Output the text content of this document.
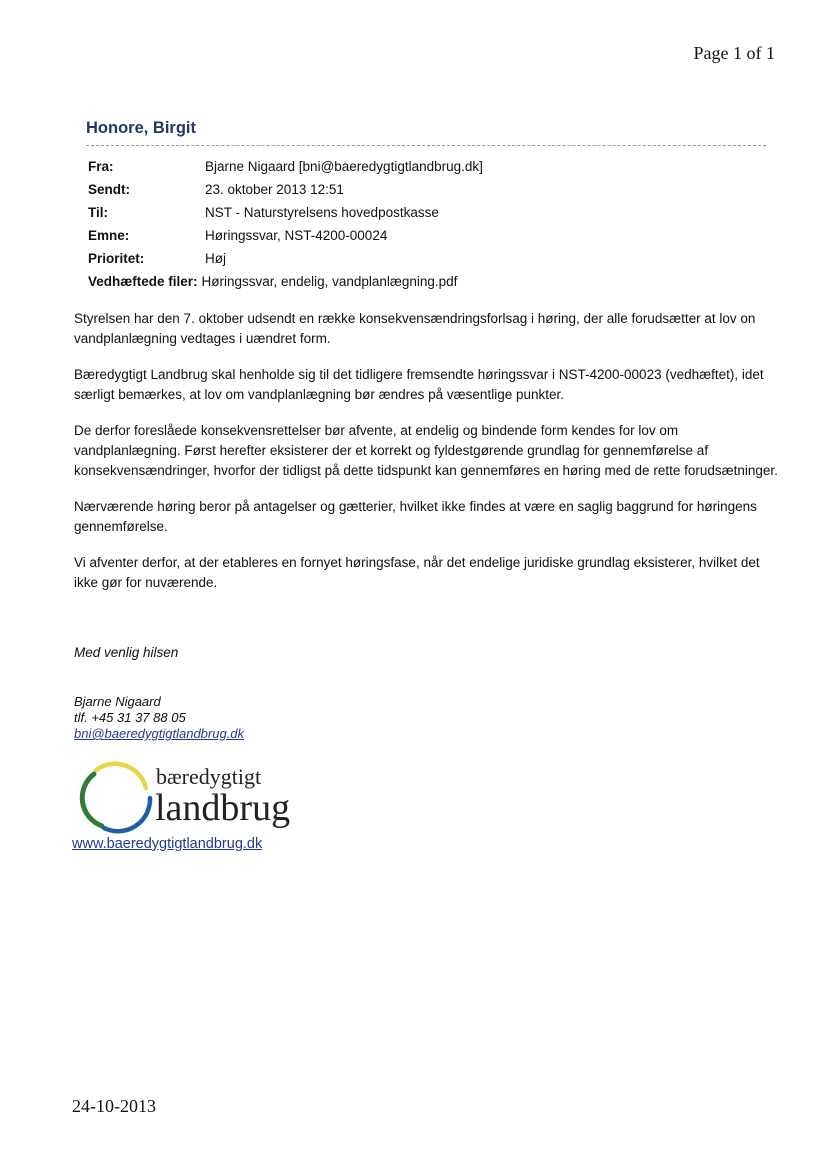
Page 1 of 1
Honore, Birgit
Fra:	Bjarne Nigaard [bni@baeredygtigtlandbrug.dk]
Sendt:	23. oktober 2013 12:51
Til:	NST - Naturstyrelsens hovedpostkasse
Emne:	Høringssvar, NST-4200-00024
Prioritet:	Høj
Vedhæftede filer: Høringssvar, endelig, vandplanlægning.pdf

Styrelsen har den 7. oktober udsendt en række konsekvensændringsforlsag i høring, der alle forudsætter at lov on vandplanlægning vedtages i uændret form.

Bæredygtigt Landbrug skal henholde sig til det tidligere fremsendte høringssvar i NST-4200-00023 (vedhæftet), idet særligt bemærkes, at lov om vandplanlægning bør ændres på væsentlige punkter.

De derfor foreslåede konsekvensrettelser bør afvente, at endelig og bindende form kendes for lov om vandplanlægning. Først herefter eksisterer der et korrekt og fyldestgørende grundlag for gennemførelse af konsekvensændringer, hvorfor der tidligst på dette tidspunkt kan gennemføres en høring med de rette forudsætninger.

Nærværende høring beror på antagelser og gætterier, hvilket ikke findes at være en saglig baggrund for høringens gennemførelse.

Vi afventer derfor, at der etableres en fornyet høringsfase, når det endelige juridiske grundlag eksisterer, hvilket det ikke gør for nuværende.

Med venlig hilsen
Bjarne Nigaard
tlf. +45 31 37 88 05
bni@baeredygtigtlandbrug.dk
bæredygtigt
landbrug
www.baeredygtigtlandbrug.dk
24-10-2013
